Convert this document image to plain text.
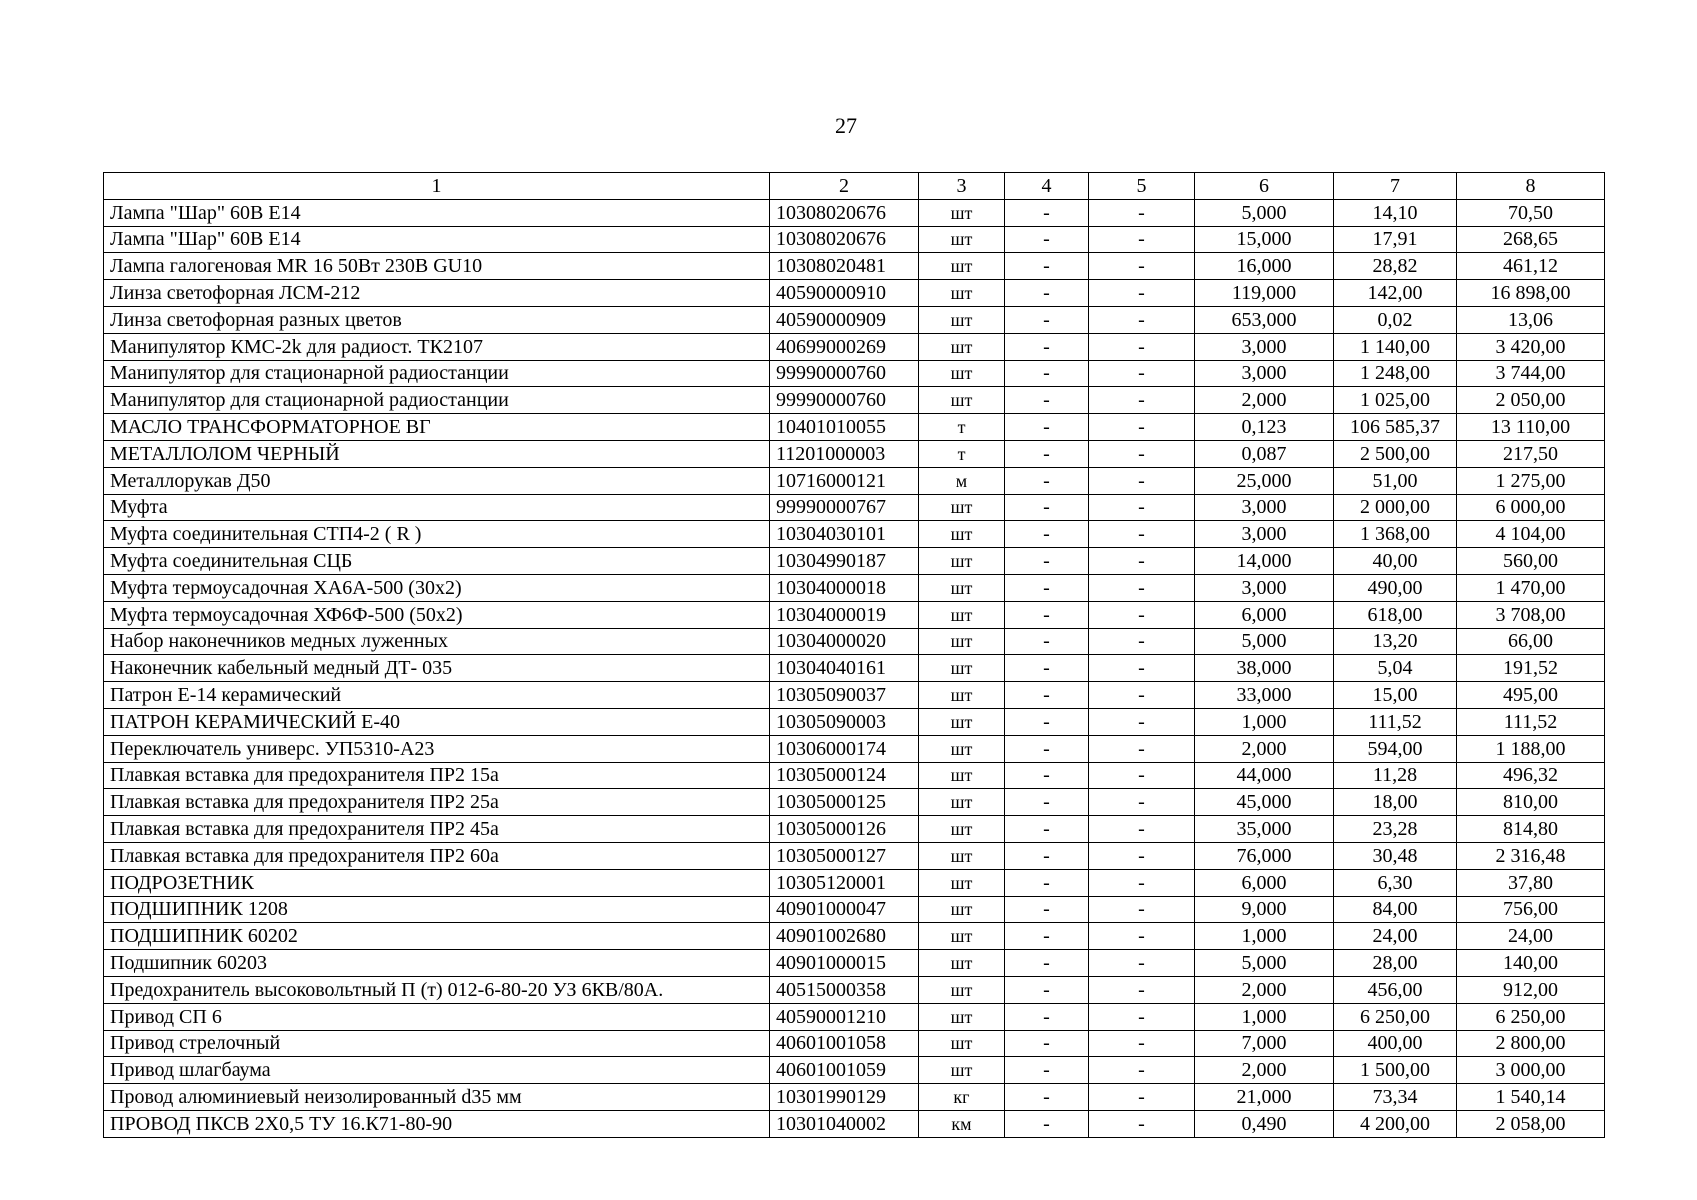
27
1	2	3	4	5	6	7	8
Лампа "Шар" 60В Е14	10308020676	шт	-	-	5,000	14,10	70,50
Лампа "Шар" 60В Е14	10308020676	шт	-	-	15,000	17,91	268,65
Лампа галогеновая MR 16 50Вт 230В GU10	10308020481	шт	-	-	16,000	28,82	461,12
Линза светофорная ЛСМ-212	40590000910	шт	-	-	119,000	142,00	16 898,00
Линза светофорная разных цветов	40590000909	шт	-	-	653,000	0,02	13,06
Манипулятор КМС-2k для радиост. ТК2107	40699000269	шт	-	-	3,000	1 140,00	3 420,00
Манипулятор для стационарной радиостанции	99990000760	шт	-	-	3,000	1 248,00	3 744,00
Манипулятор для стационарной радиостанции	99990000760	шт	-	-	2,000	1 025,00	2 050,00
МАСЛО ТРАНСФОРМАТОРНОЕ ВГ	10401010055	т	-	-	0,123	106 585,37	13 110,00
МЕТАЛЛОЛОМ ЧЕРНЫЙ	11201000003	т	-	-	0,087	2 500,00	217,50
Металлорукав Д50	10716000121	м	-	-	25,000	51,00	1 275,00
Муфта	99990000767	шт	-	-	3,000	2 000,00	6 000,00
Муфта соединительная СТП4-2 ( R )	10304030101	шт	-	-	3,000	1 368,00	4 104,00
Муфта соединительная СЦБ	10304990187	шт	-	-	14,000	40,00	560,00
Муфта термоусадочная ХА6А-500 (30х2)	10304000018	шт	-	-	3,000	490,00	1 470,00
Муфта термоусадочная ХФ6Ф-500 (50х2)	10304000019	шт	-	-	6,000	618,00	3 708,00
Набор наконечников медных луженных	10304000020	шт	-	-	5,000	13,20	66,00
Наконечник кабельный медный ДТ- 035	10304040161	шт	-	-	38,000	5,04	191,52
Патрон Е-14 керамический	10305090037	шт	-	-	33,000	15,00	495,00
ПАТРОН КЕРАМИЧЕСКИЙ Е-40	10305090003	шт	-	-	1,000	111,52	111,52
Переключатель универс. УП5310-А23	10306000174	шт	-	-	2,000	594,00	1 188,00
Плавкая вставка для предохранителя ПР2 15а	10305000124	шт	-	-	44,000	11,28	496,32
Плавкая вставка для предохранителя ПР2 25а	10305000125	шт	-	-	45,000	18,00	810,00
Плавкая вставка для предохранителя ПР2 45а	10305000126	шт	-	-	35,000	23,28	814,80
Плавкая вставка для предохранителя ПР2 60а	10305000127	шт	-	-	76,000	30,48	2 316,48
ПОДРОЗЕТНИК	10305120001	шт	-	-	6,000	6,30	37,80
ПОДШИПНИК 1208	40901000047	шт	-	-	9,000	84,00	756,00
ПОДШИПНИК 60202	40901002680	шт	-	-	1,000	24,00	24,00
Подшипник 60203	40901000015	шт	-	-	5,000	28,00	140,00
Предохранитель высоковольтный П (т) 012-6-80-20 УЗ 6КВ/80А.	40515000358	шт	-	-	2,000	456,00	912,00
Привод СП 6	40590001210	шт	-	-	1,000	6 250,00	6 250,00
Привод стрелочный	40601001058	шт	-	-	7,000	400,00	2 800,00
Привод шлагбаума	40601001059	шт	-	-	2,000	1 500,00	3 000,00
Провод алюминиевый неизолированный d35 мм	10301990129	кг	-	-	21,000	73,34	1 540,14
ПРОВОД ПКСВ 2Х0,5 ТУ 16.К71-80-90	10301040002	км	-	-	0,490	4 200,00	2 058,00
